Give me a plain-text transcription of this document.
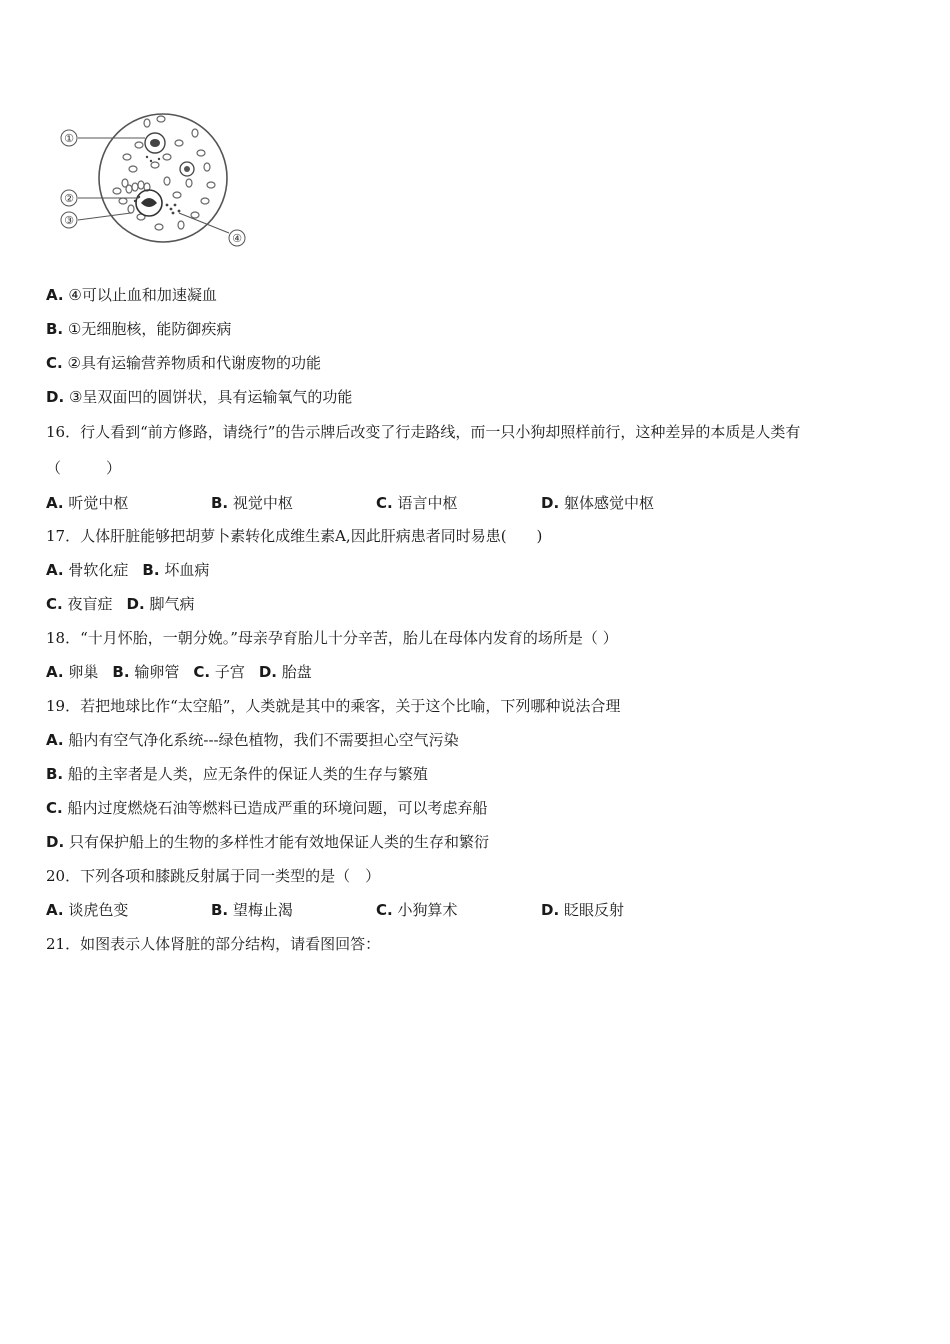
①
②
③
④
A. ④可以止血和加速凝血
B. ①无细胞核，能防御疾病
C. ②具有运输营养物质和代谢废物的功能
D. ③呈双面凹的圆饼状，具有运输氧气的功能
16．行人看到“前方修路，请绕行”的告示牌后改变了行走路线，而一只小狗却照样前行，这种差异的本质是人类有
（　　　）
A. 听觉中枢	B. 视觉中枢	C. 语言中枢	D. 躯体感觉中枢
17．人体肝脏能够把胡萝卜素转化成维生素A,因此肝病患者同时易患(　　)
A. 骨软化症 B. 坏血病
C. 夜盲症 D. 脚气病
18．“十月怀胎，一朝分娩。”母亲孕育胎儿十分辛苦，胎儿在母体内发育的场所是（ ）
A. 卵巢 B. 输卵管 C. 子宫 D. 胎盘
19．若把地球比作“太空船”，人类就是其中的乘客，关于这个比喻，下列哪种说法合理
A. 船内有空气净化系统---绿色植物，我们不需要担心空气污染
B. 船的主宰者是人类，应无条件的保证人类的生存与繁殖
C. 船内过度燃烧石油等燃料已造成严重的环境问题，可以考虑弃船
D. 只有保护船上的生物的多样性才能有效地保证人类的生存和繁衍
20．下列各项和膝跳反射属于同一类型的是（　）
A. 谈虎色变	B. 望梅止渴	C. 小狗算术	D. 眨眼反射
21．如图表示人体肾脏的部分结构，请看图回答：
